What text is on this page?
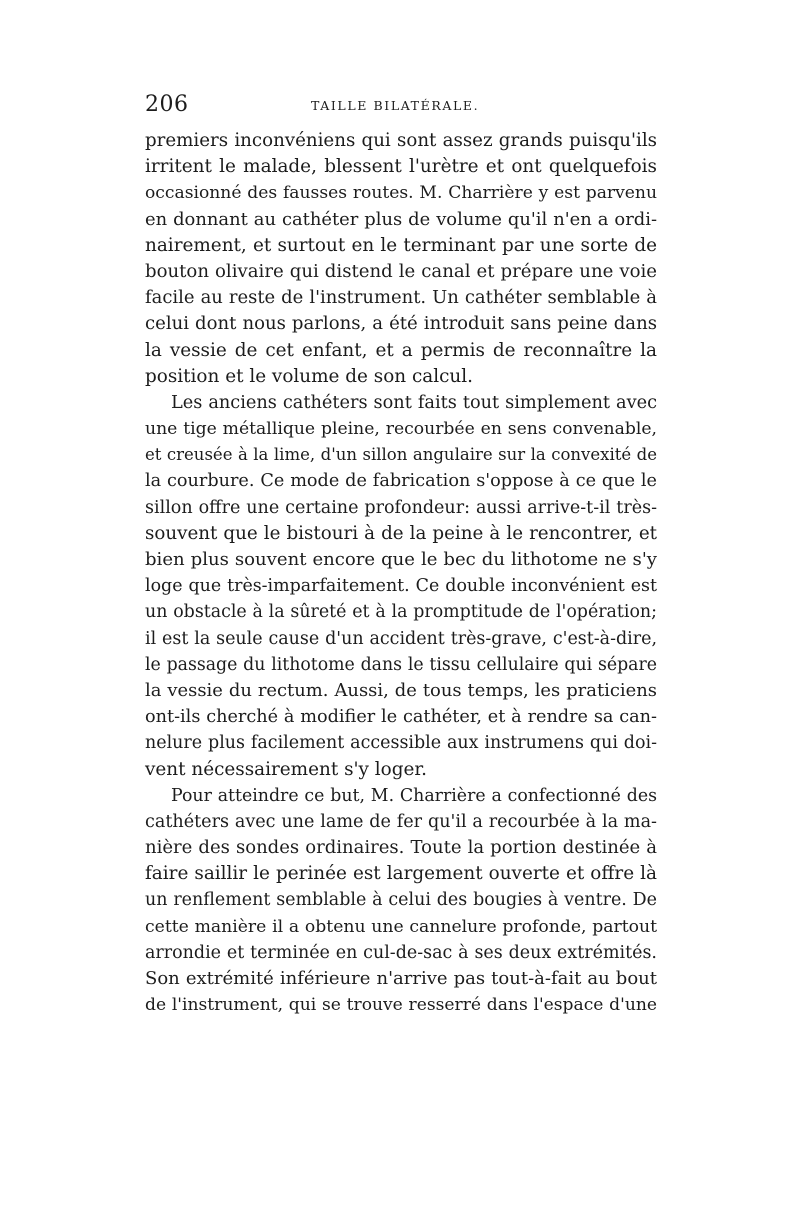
206	TAILLE BILATÉRALE.
premiers inconvéniens qui sont assez grands puisqu'ils
irritent le malade, blessent l'urètre et ont quelquefois
occasionné des fausses routes. M. Charrière y est parvenu
en donnant au cathéter plus de volume qu'il n'en a ordi-
nairement, et surtout en le terminant par une sorte de
bouton olivaire qui distend le canal et prépare une voie
facile au reste de l'instrument. Un cathéter semblable à
celui dont nous parlons, a été introduit sans peine dans
la vessie de cet enfant, et a permis de reconnaître la
position et le volume de son calcul.
Les anciens cathéters sont faits tout simplement avec
une tige métallique pleine, recourbée en sens convenable,
et creusée à la lime, d'un sillon angulaire sur la convexité de
la courbure. Ce mode de fabrication s'oppose à ce que le
sillon offre une certaine profondeur: aussi arrive-t-il très-
souvent que le bistouri à de la peine à le rencontrer, et
bien plus souvent encore que le bec du lithotome ne s'y
loge que très-imparfaitement. Ce double inconvénient est
un obstacle à la sûreté et à la promptitude de l'opération;
il est la seule cause d'un accident très-grave, c'est-à-dire,
le passage du lithotome dans le tissu cellulaire qui sépare
la vessie du rectum. Aussi, de tous temps, les praticiens
ont-ils cherché à modifier le cathéter, et à rendre sa can-
nelure plus facilement accessible aux instrumens qui doi-
vent nécessairement s'y loger.
Pour atteindre ce but, M. Charrière a confectionné des
cathéters avec une lame de fer qu'il a recourbée à la ma-
nière des sondes ordinaires. Toute la portion destinée à
faire saillir le perinée est largement ouverte et offre là
un renflement semblable à celui des bougies à ventre. De
cette manière il a obtenu une cannelure profonde, partout
arrondie et terminée en cul-de-sac à ses deux extrémités.
Son extrémité inférieure n'arrive pas tout-à-fait au bout
de l'instrument, qui se trouve resserré dans l'espace d'une
